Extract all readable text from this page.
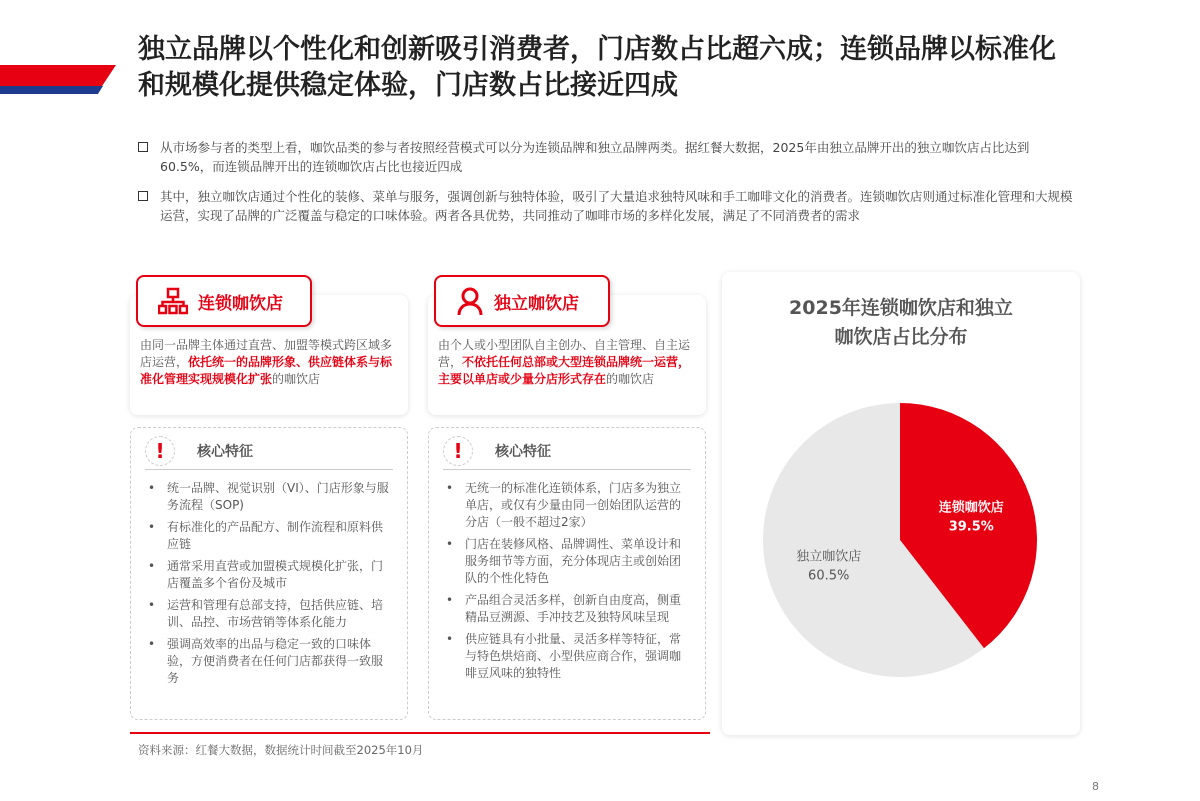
独立品牌以个性化和创新吸引消费者，门店数占比超六成；连锁品牌以标准化和规模化提供稳定体验，门店数占比接近四成

从市场参与者的类型上看，咖饮品类的参与者按照经营模式可以分为连锁品牌和独立品牌两类。据红餐大数据，2025年由独立品牌开出的独立咖饮店占比达到60.5%，而连锁品牌开出的连锁咖饮店占比也接近四成

其中，独立咖饮店通过个性化的装修、菜单与服务，强调创新与独特体验，吸引了大量追求独特风味和手工咖啡文化的消费者。连锁咖饮店则通过标准化管理和大规模运营，实现了品牌的广泛覆盖与稳定的口味体验。两者各具优势，共同推动了咖啡市场的多样化发展，满足了不同消费者的需求

连锁咖饮店
由同一品牌主体通过直营、加盟等模式跨区域多店运营，依托统一的品牌形象、供应链体系与标准化管理实现规模化扩张的咖饮店
!	核心特征
• 统一品牌、视觉识别（VI）、门店形象与服务流程（SOP)
• 有标准化的产品配方、制作流程和原料供应链
• 通常采用直营或加盟模式规模化扩张，门店覆盖多个省份及城市
• 运营和管理有总部支持，包括供应链、培训、品控、市场营销等体系化能力
• 强调高效率的出品与稳定一致的口味体验，方便消费者在任何门店都获得一致服务
独立咖饮店
由个人或小型团队自主创办、自主管理、自主运营，不依托任何总部或大型连锁品牌统一运营，主要以单店或少量分店形式存在的咖饮店
!	核心特征
• 无统一的标准化连锁体系，门店多为独立单店，或仅有少量由同一创始团队运营的分店（一般不超过2家）
• 门店在装修风格、品牌调性、菜单设计和服务细节等方面，充分体现店主或创始团队的个性化特色
• 产品组合灵活多样，创新自由度高，侧重精品豆溯源、手冲技艺及独特风味呈现
• 供应链具有小批量、灵活多样等特征，常与特色烘焙商、小型供应商合作，强调咖啡豆风味的独特性
2025年连锁咖饮店和独立咖饮店占比分布
连锁咖饮店
39.5%
独立咖饮店
60.5%
资料来源：红餐大数据，数据统计时间截至2025年10月
8
